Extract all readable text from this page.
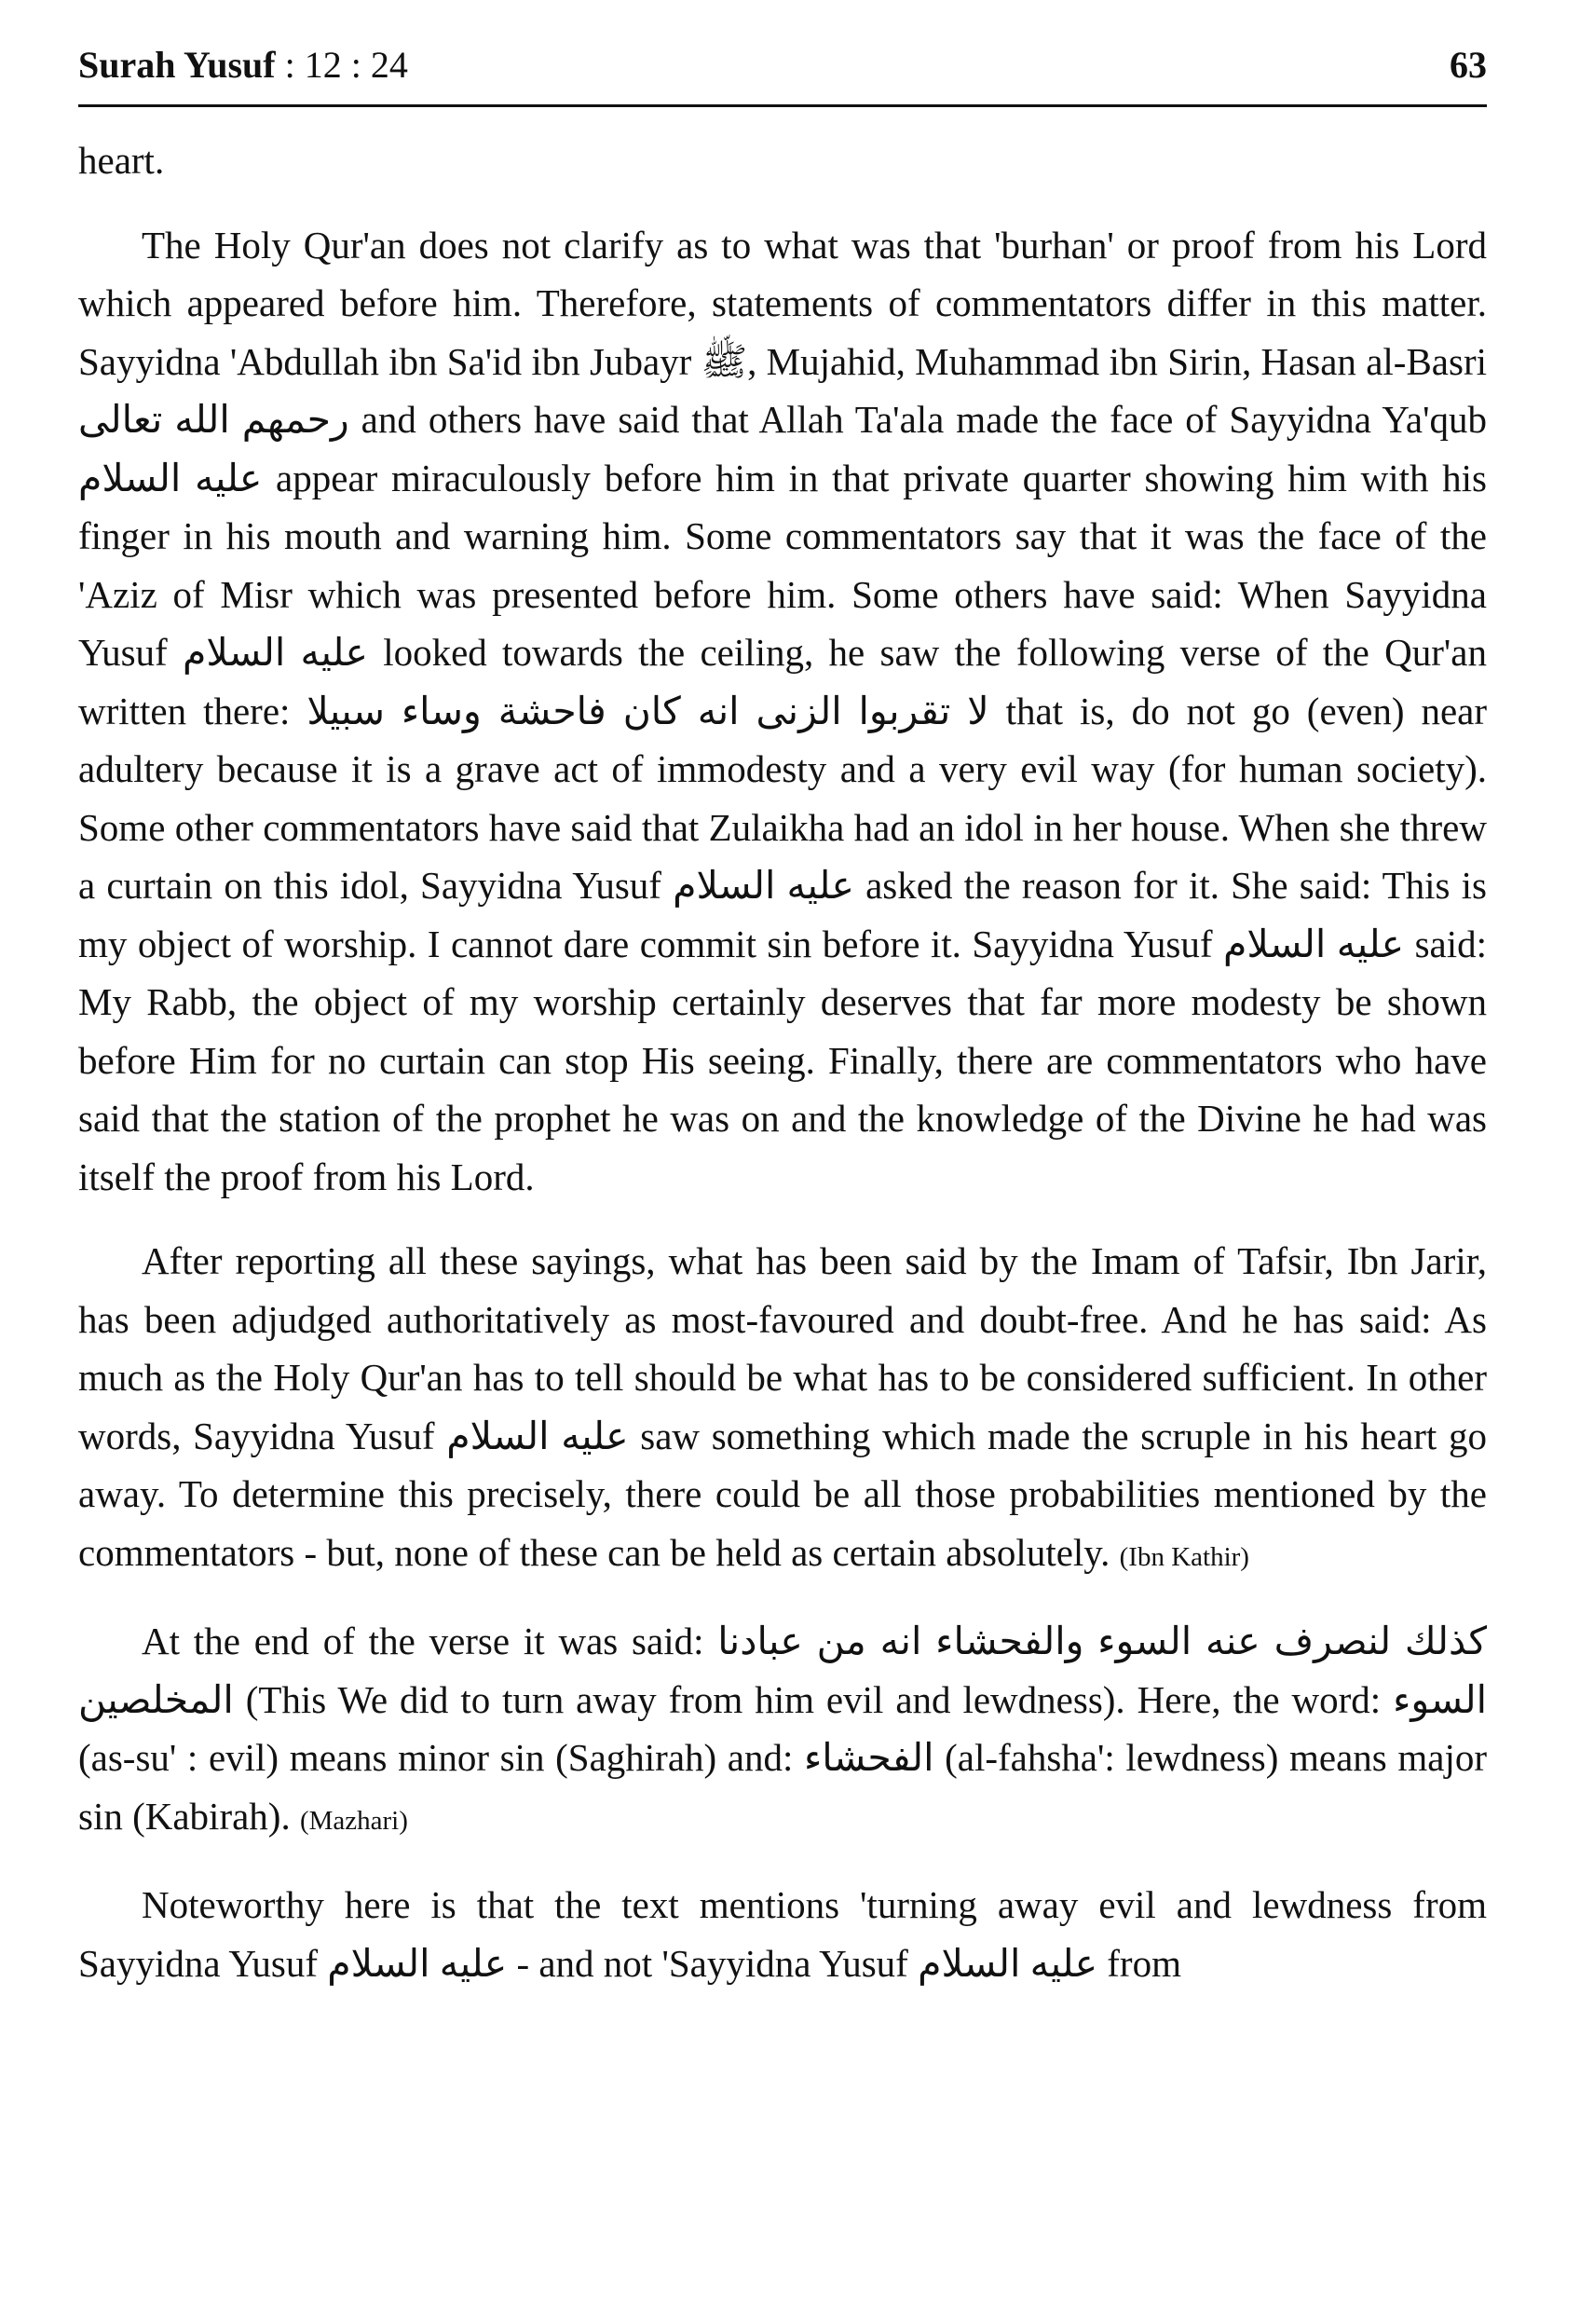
Surah Yusuf : 12 : 24	63

heart.

The Holy Qur'an does not clarify as to what was that 'burhan' or proof from his Lord which appeared before him. Therefore, statements of commentators differ in this matter. Sayyidna 'Abdullah ibn Sa'id ibn Jubayr ﷺ, Mujahid, Muhammad ibn Sirin, Hasan al-Basri رحمهم الله تعالى and others have said that Allah Ta'ala made the face of Sayyidna Ya'qub عليه السلام appear miraculously before him in that private quarter showing him with his finger in his mouth and warning him. Some commentators say that it was the face of the 'Aziz of Misr which was presented before him. Some others have said: When Sayyidna Yusuf عليه السلام looked towards the ceiling, he saw the following verse of the Qur'an written there: لا تقربوا الزنى انه كان فاحشة وساء سبيلا that is, do not go (even) near adultery because it is a grave act of immodesty and a very evil way (for human society). Some other commentators have said that Zulaikha had an idol in her house. When she threw a curtain on this idol, Sayyidna Yusuf عليه السلام asked the reason for it. She said: This is my object of worship. I cannot dare commit sin before it. Sayyidna Yusuf عليه السلام said: My Rabb, the object of my worship certainly deserves that far more modesty be shown before Him for no curtain can stop His seeing. Finally, there are commentators who have said that the station of the prophet he was on and the knowledge of the Divine he had was itself the proof from his Lord.

After reporting all these sayings, what has been said by the Imam of Tafsir, Ibn Jarir, has been adjudged authoritatively as most-favoured and doubt-free. And he has said: As much as the Holy Qur'an has to tell should be what has to be considered sufficient. In other words, Sayyidna Yusuf عليه السلام saw something which made the scruple in his heart go away. To determine this precisely, there could be all those probabilities mentioned by the commentators - but, none of these can be held as certain absolutely. (Ibn Kathir)

At the end of the verse it was said: كذلك لنصرف عنه السوء والفحشاء انه من عبادنا المخلصين (This We did to turn away from him evil and lewdness). Here, the word: السوء (as-su' : evil) means minor sin (Saghirah) and: الفحشاء (al-fahsha': lewdness) means major sin (Kabirah). (Mazhari)

Noteworthy here is that the text mentions 'turning away evil and lewdness from Sayyidna Yusuf عليه السلام - and not 'Sayyidna Yusuf عليه السلام from
